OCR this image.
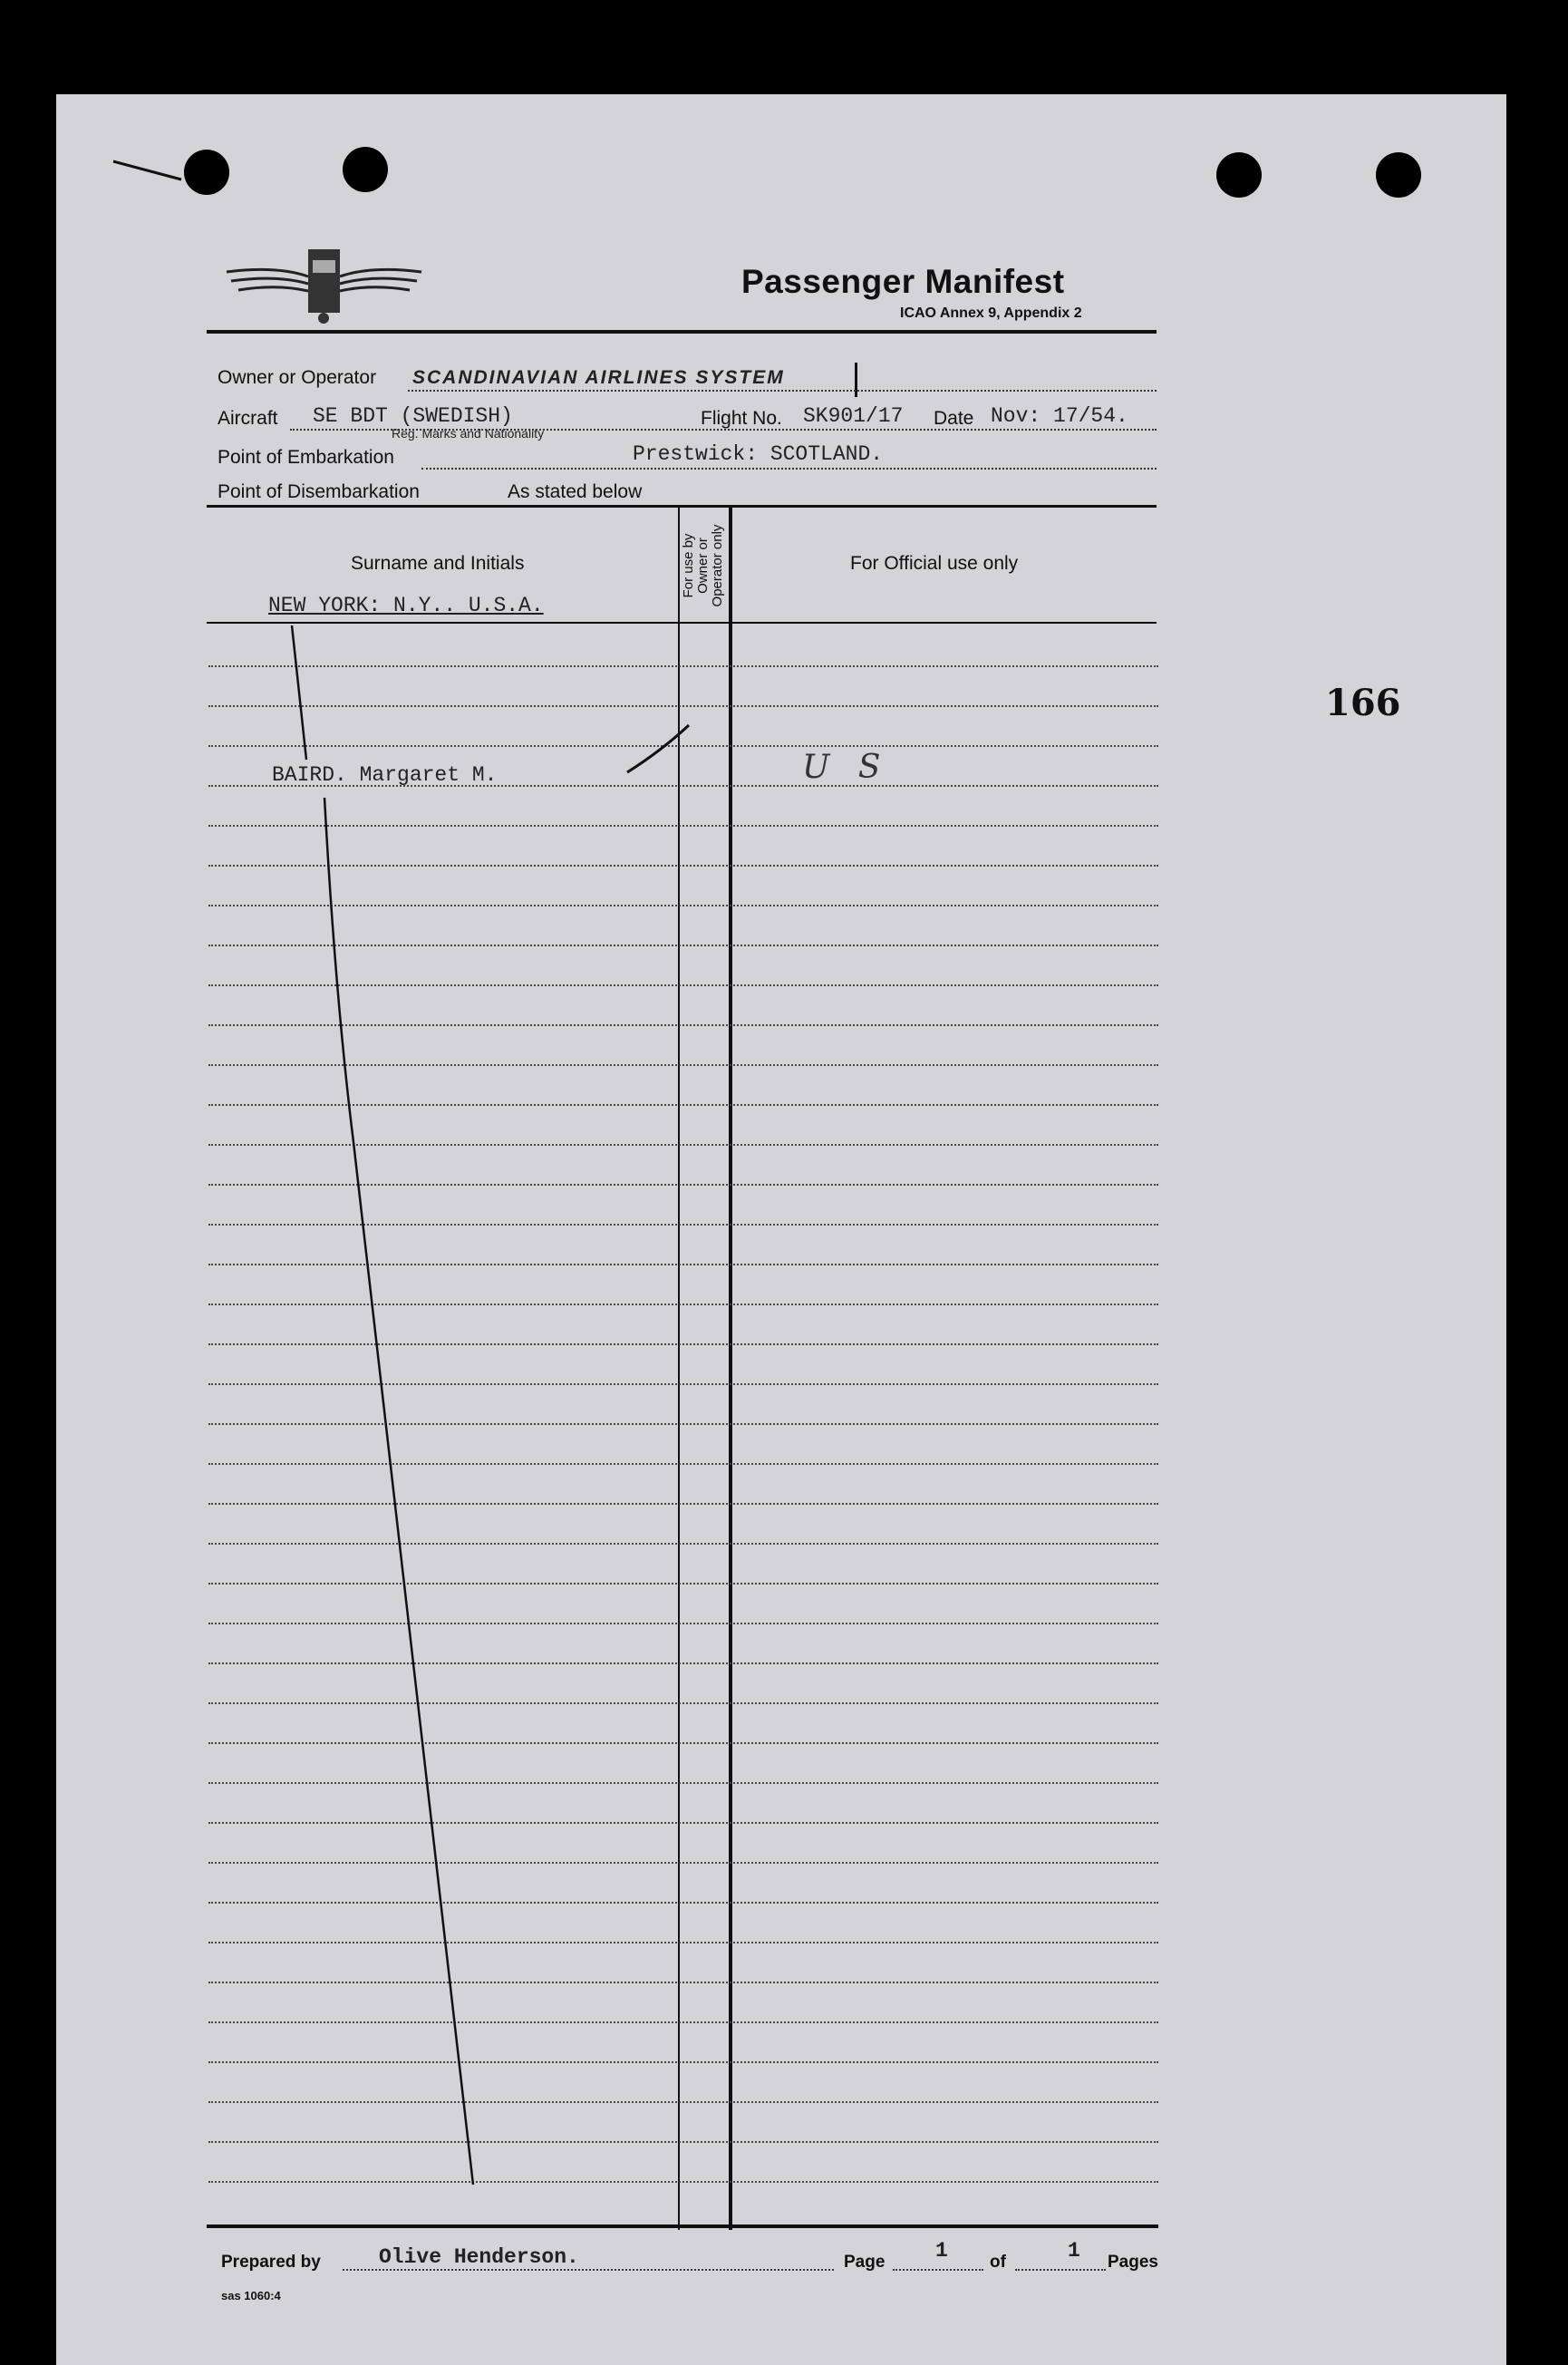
Passenger Manifest
ICAO Annex 9, Appendix 2
Owner or Operator SCANDINAVIAN AIRLINES SYSTEM
Aircraft SE BDT (SWEDISH)
Reg. Marks and Nationality
Flight No. SK901/17 Date Nov: 17/54.
Point of Embarkation	Prestwick: SCOTLAND.
Point of Disembarkation	As stated below
Surname and Initials	For Official use only
For use by Owner or Operator only
NEW YORK: N.Y.. U.S.A.
BAIRD. Margaret M.	U S
Prepared by	Olive Henderson.	Page 1 of	1 Pages
sas 1060:4
166
